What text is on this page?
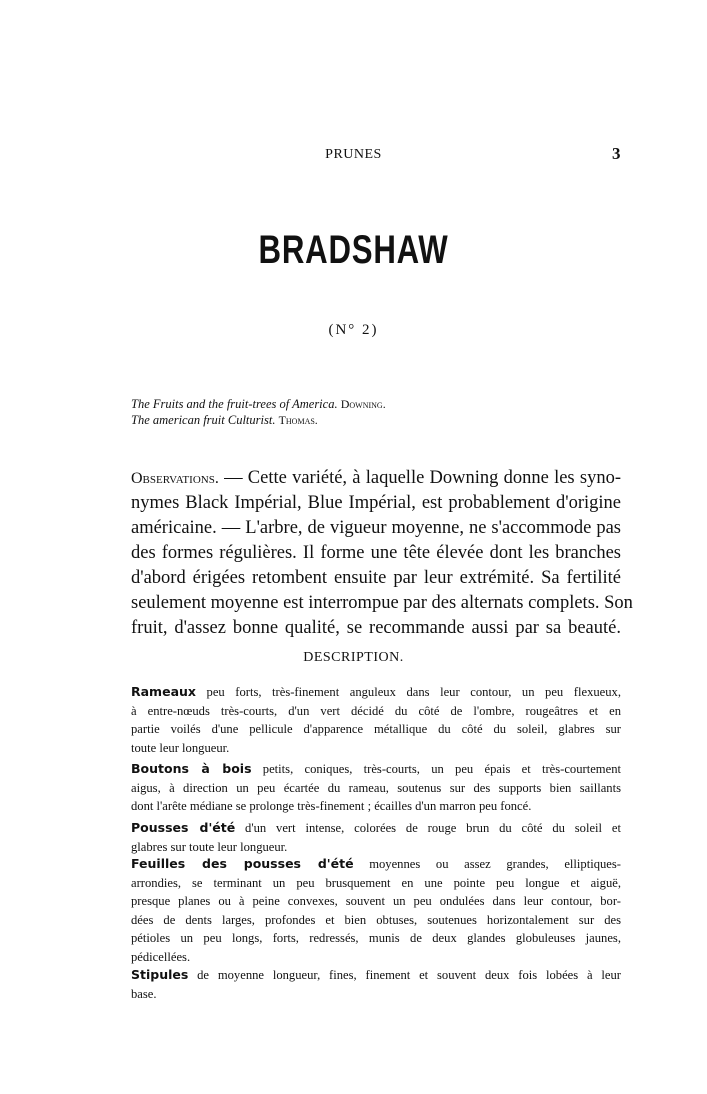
PRUNES	3
BRADSHAW
(N° 2)
The Fruits and the fruit-trees of America. Downing.
The american fruit Culturist. Thomas.
Observations. — Cette variété, à laquelle Downing donne les syno-
nymes Black Impérial, Blue Impérial, est probablement d'origine
américaine. — L'arbre, de vigueur moyenne, ne s'accommode pas
des formes régulières. Il forme une tête élevée dont les branches
d'abord érigées retombent ensuite par leur extrémité. Sa fertilité
seulement moyenne est interrompue par des alternats complets. Son
fruit, d'assez bonne qualité, se recommande aussi par sa beauté.
DESCRIPTION.
Rameaux peu forts, très-finement anguleux dans leur contour, un peu flexueux,
à entre-nœuds très-courts, d'un vert décidé du côté de l'ombre, rougeâtres et en
partie voilés d'une pellicule d'apparence métallique du côté du soleil, glabres sur
toute leur longueur.
Boutons à bois petits, coniques, très-courts, un peu épais et très-courtement
aigus, à direction un peu écartée du rameau, soutenus sur des supports bien saillants
dont l'arête médiane se prolonge très-finement ; écailles d'un marron peu foncé.
Pousses d'été d'un vert intense, colorées de rouge brun du côté du soleil et
glabres sur toute leur longueur.
Feuilles des pousses d'été moyennes ou assez grandes, elliptiques-
arrondies, se terminant un peu brusquement en une pointe peu longue et aiguë,
presque planes ou à peine convexes, souvent un peu ondulées dans leur contour, bor-
dées de dents larges, profondes et bien obtuses, soutenues horizontalement sur des
pétioles un peu longs, forts, redressés, munis de deux glandes globuleuses jaunes,
pédicellées.
Stipules de moyenne longueur, fines, finement et souvent deux fois lobées à leur
base.
